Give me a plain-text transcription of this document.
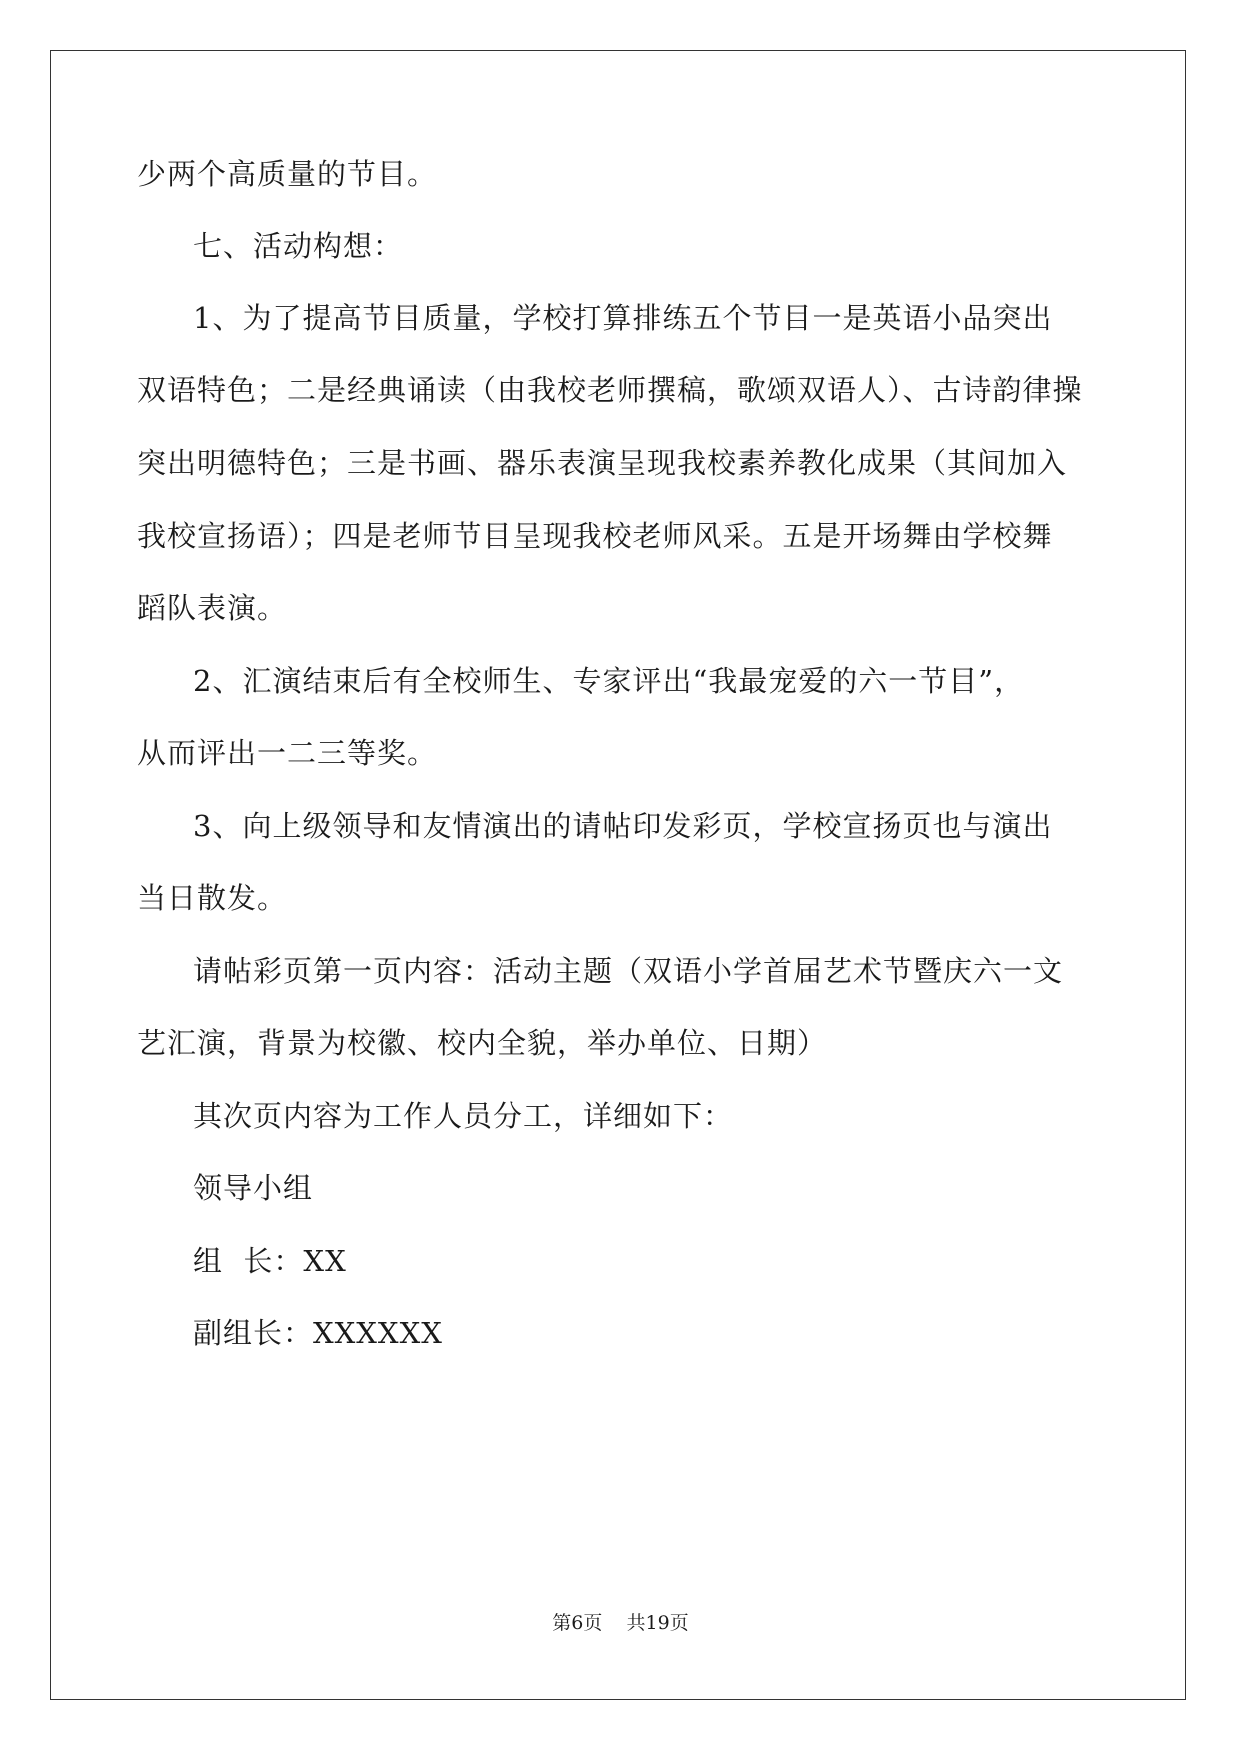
少两个高质量的节目。
七、活动构想：
1、为了提高节目质量，学校打算排练五个节目一是英语小品突出
双语特色；二是经典诵读（由我校老师撰稿，歌颂双语人）、古诗韵律操
突出明德特色；三是书画、器乐表演呈现我校素养教化成果（其间加入
我校宣扬语）；四是老师节目呈现我校老师风采。五是开场舞由学校舞
蹈队表演。
2、汇演结束后有全校师生、专家评出“我最宠爱的六一节目”，
从而评出一二三等奖。
3、向上级领导和友情演出的请帖印发彩页，学校宣扬页也与演出
当日散发。
请帖彩页第一页内容：活动主题（双语小学首届艺术节暨庆六一文
艺汇演，背景为校徽、校内全貌，举办单位、日期）
其次页内容为工作人员分工，详细如下：
领导小组
组  长：XX
副组长：XXXXXX
第6页 共19页
